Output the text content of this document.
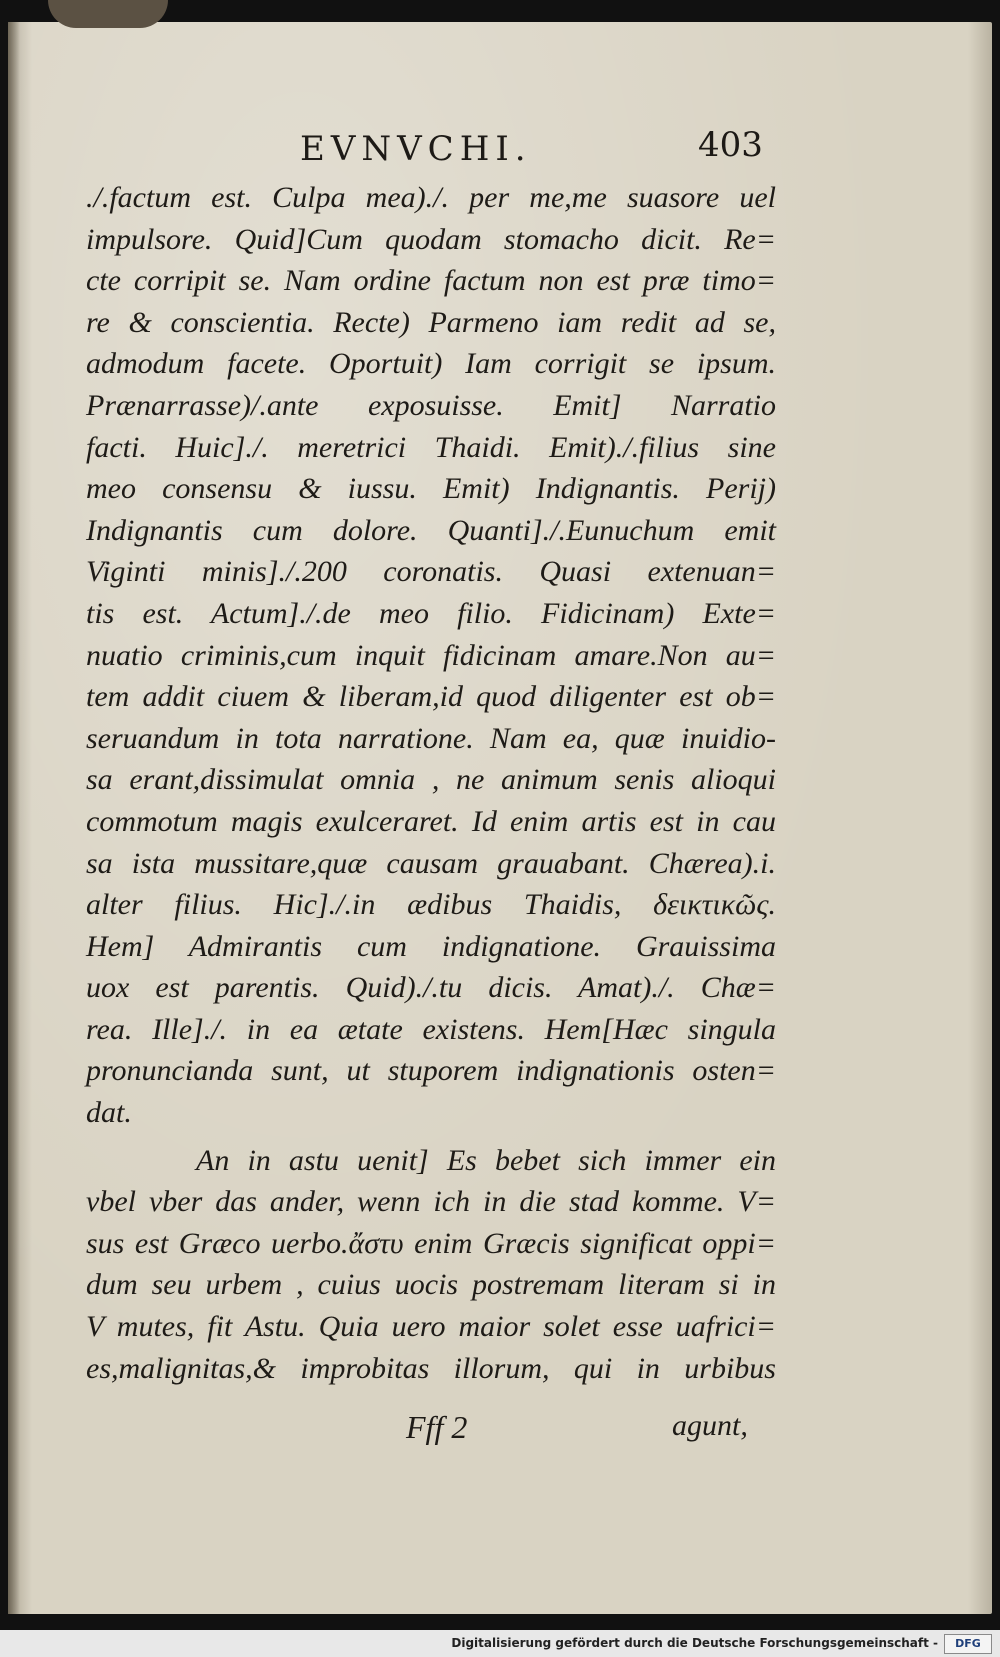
EVNVCHI.	403
./.factum est. Culpa mea)./. per me,me suasore uel
impulsore. Quid]Cum quodam stomacho dicit. Re=
cte corripit se. Nam ordine factum non est præ timo=
re & conscientia. Recte) Parmeno iam redit ad se,
admodum facete. Oportuit) Iam corrigit se ipsum.
Prænarrasse)/.ante exposuisse. Emit] Narratio
facti. Huic]./. meretrici Thaidi. Emit)./.filius sine
meo consensu & iussu. Emit) Indignantis. Perij)
Indignantis cum dolore. Quanti]./.Eunuchum emit
Viginti minis]./.200 coronatis. Quasi extenuan=
tis est. Actum]./.de meo filio. Fidicinam) Exte=
nuatio criminis,cum inquit fidicinam amare.Non au=
tem addit ciuem & liberam,id quod diligenter est ob=
seruandum in tota narratione. Nam ea, quæ inuidio-
sa erant,dissimulat omnia , ne animum senis alioqui
commotum magis exulceraret. Id enim artis est in cau
sa ista mussitare,quæ causam grauabant. Chærea).i.
alter filius. Hic]./.in ædibus Thaidis, δεικτικῶς.
Hem] Admirantis cum indignatione. Grauissima
uox est parentis. Quid)./.tu dicis. Amat)./. Chæ=
rea. Ille]./. in ea ætate existens. Hem[Hæc singula
pronuncianda sunt, ut stuporem indignationis osten=
dat.
An in astu uenit] Es bebet sich immer ein
vbel vber das ander, wenn ich in die stad komme. V=
sus est Græco uerbo.ἄστυ enim Græcis significat oppi=
dum seu urbem , cuius uocis postremam literam si in
V mutes, fit Astu. Quia uero maior solet esse uafrici=
es,malignitas,& improbitas illorum, qui in urbibus
Fff 2	agunt,
Digitalisierung gefördert durch die Deutsche Forschungsgemeinschaft -	DFG
